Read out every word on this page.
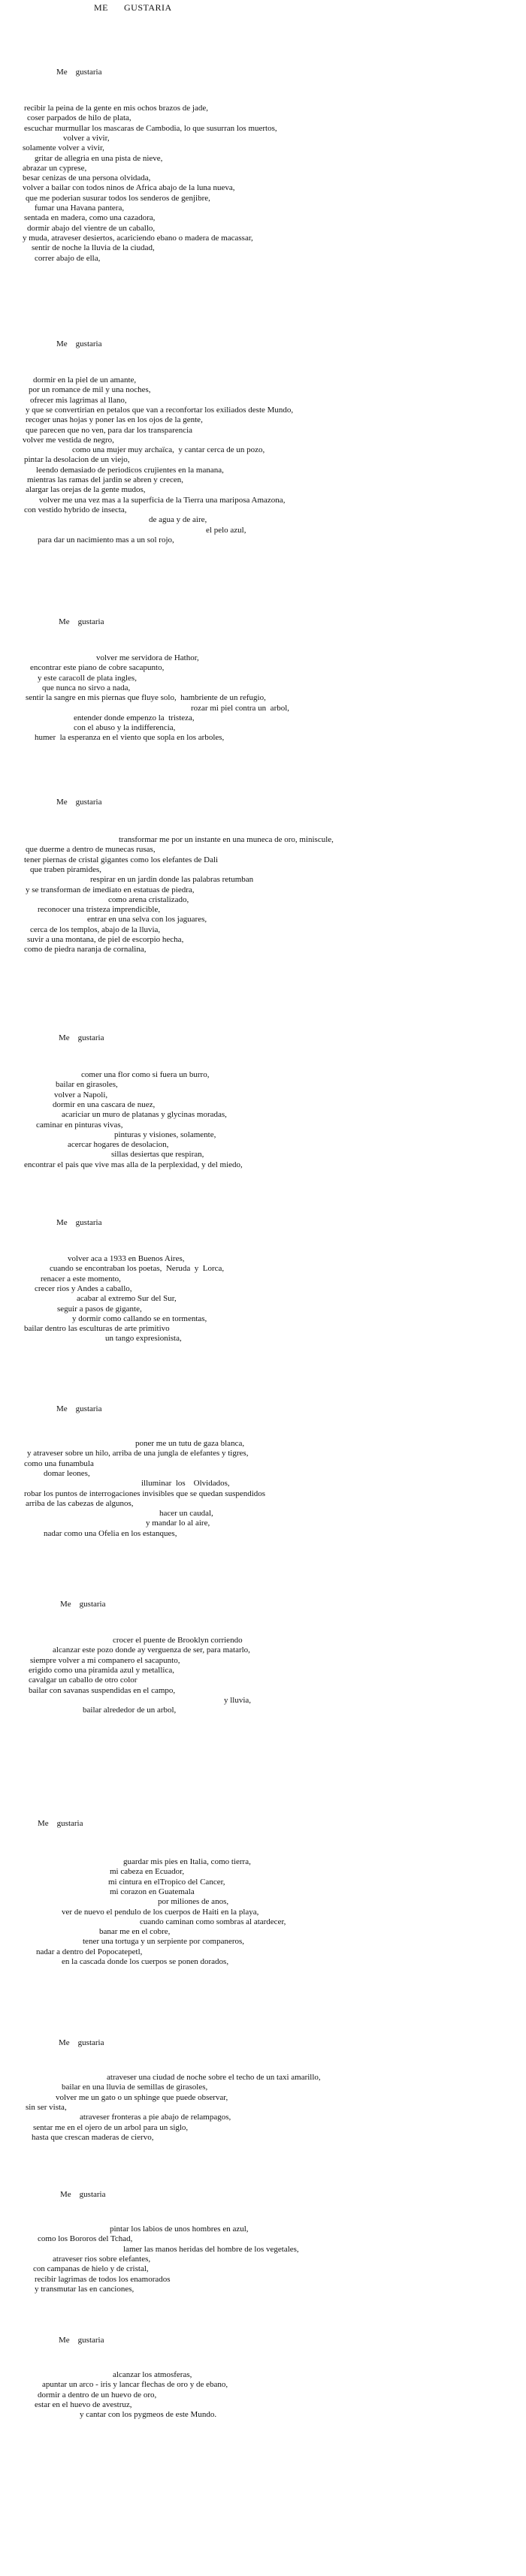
ME      GUSTARIA
Me    gustaria
recibir la peina de la gente en mis ochos brazos de jade,
coser parpados de hilo de plata,
escuchar murmullar los mascaras de Cambodia, lo que susurran los muertos,
volver a vivir,
solamente volver a vivir,
gritar de allegria en una pista de nieve,
abrazar un cyprese,
besar cenizas de una persona olvidada,
volver a bailar con todos ninos de Africa abajo de la luna nueva,
que me poderian susurar todos los senderos de genjibre,
fumar una Havana pantera,
sentada en madera, como una cazadora,
dormir abajo del vientre de un caballo,
y muda, atraveser desiertos, acariciendo ebano o madera de macassar,
sentir de noche la lluvia de la ciudad,
correr abajo de ella,
Me    gustaria
dormir en la piel de un amante,
por un romance de mil y una noches,
ofrecer mis lagrimas al llano,
y que se convertirian en petalos que van a reconfortar los exiliados deste Mundo,
recoger unas hojas y poner las en los ojos de la gente,
que parecen que no ven, para dar los transparencia
volver me vestida de negro,
como una mujer muy archaïca,  y cantar cerca de un pozo,
pintar la desolacion de un viejo,
leendo demasiado de periodicos crujientes en la manana,
mientras las ramas del jardin se abren y crecen,
alargar las orejas de la gente mudos,
volver me una vez mas a la superficia de la Tierra una mariposa Amazona,
con vestido hybrido de insecta,
de agua y de aire,
el pelo azul,
para dar un nacimiento mas a un sol rojo,
Me    gustaria
volver me servidora de Hathor,
encontrar este piano de cobre sacapunto,
y este caracoll de plata ingles,
que nunca no sirvo a nada,
sentir la sangre en mis piernas que fluye solo,  hambriente de un refugio,
rozar mi piel contra un  arbol,
entender donde empenzo la  tristeza,
con el abuso y la indifferencia,
humer  la esperanza en el viento que sopla en los arboles,
Me    gustaria
transformar me por un instante en una muneca de oro, miniscule,
que duerme a dentro de munecas rusas,
tener piernas de cristal gigantes como los elefantes de Dali
que traben piramides,
respirar en un jardin donde las palabras retumban
y se transforman de imediato en estatuas de piedra,
como arena cristalizado,
reconocer una tristeza imprendicible,
entrar en una selva con los jaguares,
cerca de los templos, abajo de la lluvia,
suvir a una montana, de piel de escorpio hecha,
como de piedra naranja de cornalina,
Me    gustaria
comer una flor como si fuera un burro,
bailar en girasoles,
volver a Napoli,
dormir en una cascara de nuez,
acariciar un muro de platanas y glycinas moradas,
caminar en pinturas vivas,
pinturas y visiones, solamente,
acercar hogares de desolacion,
sillas desiertas que respiran,
encontrar el pais que vive mas alla de la perplexidad, y del miedo,
Me    gustaria
volver aca a 1933 en Buenos Aires,
cuando se encontraban los poetas,  Neruda  y  Lorca,
renacer a este momento,
crecer rios y Andes a caballo,
acabar al extremo Sur del Sur,
seguir a pasos de gigante,
y dormir como callando se en tormentas,
bailar dentro las esculturas de arte primitivo
un tango expresionista,
Me    gustaria
poner me un tutu de gaza blanca,
y atraveser sobre un hilo, arriba de una jungla de elefantes y tigres,
como una funambula
domar leones,
illuminar  los    Olvidados,
robar los puntos de interrogaciones invisibles que se quedan suspendidos
arriba de las cabezas de algunos,
hacer un caudal,
y mandar lo al aire,
nadar como una Ofelia en los estanques,
Me    gustaria
crocer el puente de Brooklyn corriendo
alcanzar este pozo donde ay verguenza de ser, para matarlo,
siempre volver a mi companero el sacapunto,
erigido como una piramida azul y metallica,
cavalgar un caballo de otro color
bailar con savanas suspendidas en el campo,
y lluvia,
bailar alrededor de un arbol,
Me    gustaria
guardar mis pies en Italia, como tierra,
mi cabeza en Ecuador,
mi cintura en elTropico del Cancer,
mi corazon en Guatemala
por miliones de anos,
ver de nuevo el pendulo de los cuerpos de Haiti en la playa,
cuando caminan como sombras al atardecer,
banar me en el cobre,
tener una tortuga y un serpiente por companeros,
nadar a dentro del Popocatepetl,
en la cascada donde los cuerpos se ponen dorados,
Me    gustaria
atraveser una ciudad de noche sobre el techo de un taxi amarillo,
bailar en una lluvia de semillas de girasoles,
volver me un gato o un sphinge que puede observar,
sin ser vista,
atraveser fronteras a pie abajo de relampagos,
sentar me en el ojero de un arbol para un siglo,
hasta que crescan maderas de ciervo,
Me    gustaria
pintar los labios de unos hombres en azul,
como los Bororos del Tchad,
lamer las manos heridas del hombre de los vegetales,
atraveser rios sobre elefantes,
con campanas de hielo y de cristal,
recibir lagrimas de todos los enamorados
y transmutar las en canciones,
Me    gustaria
alcanzar los atmosferas,
apuntar un arco - iris y lancar flechas de oro y de ebano,
dormir a dentro de un huevo de oro,
estar en el huevo de avestruz,
y cantar con los pygmeos de este Mundo.
